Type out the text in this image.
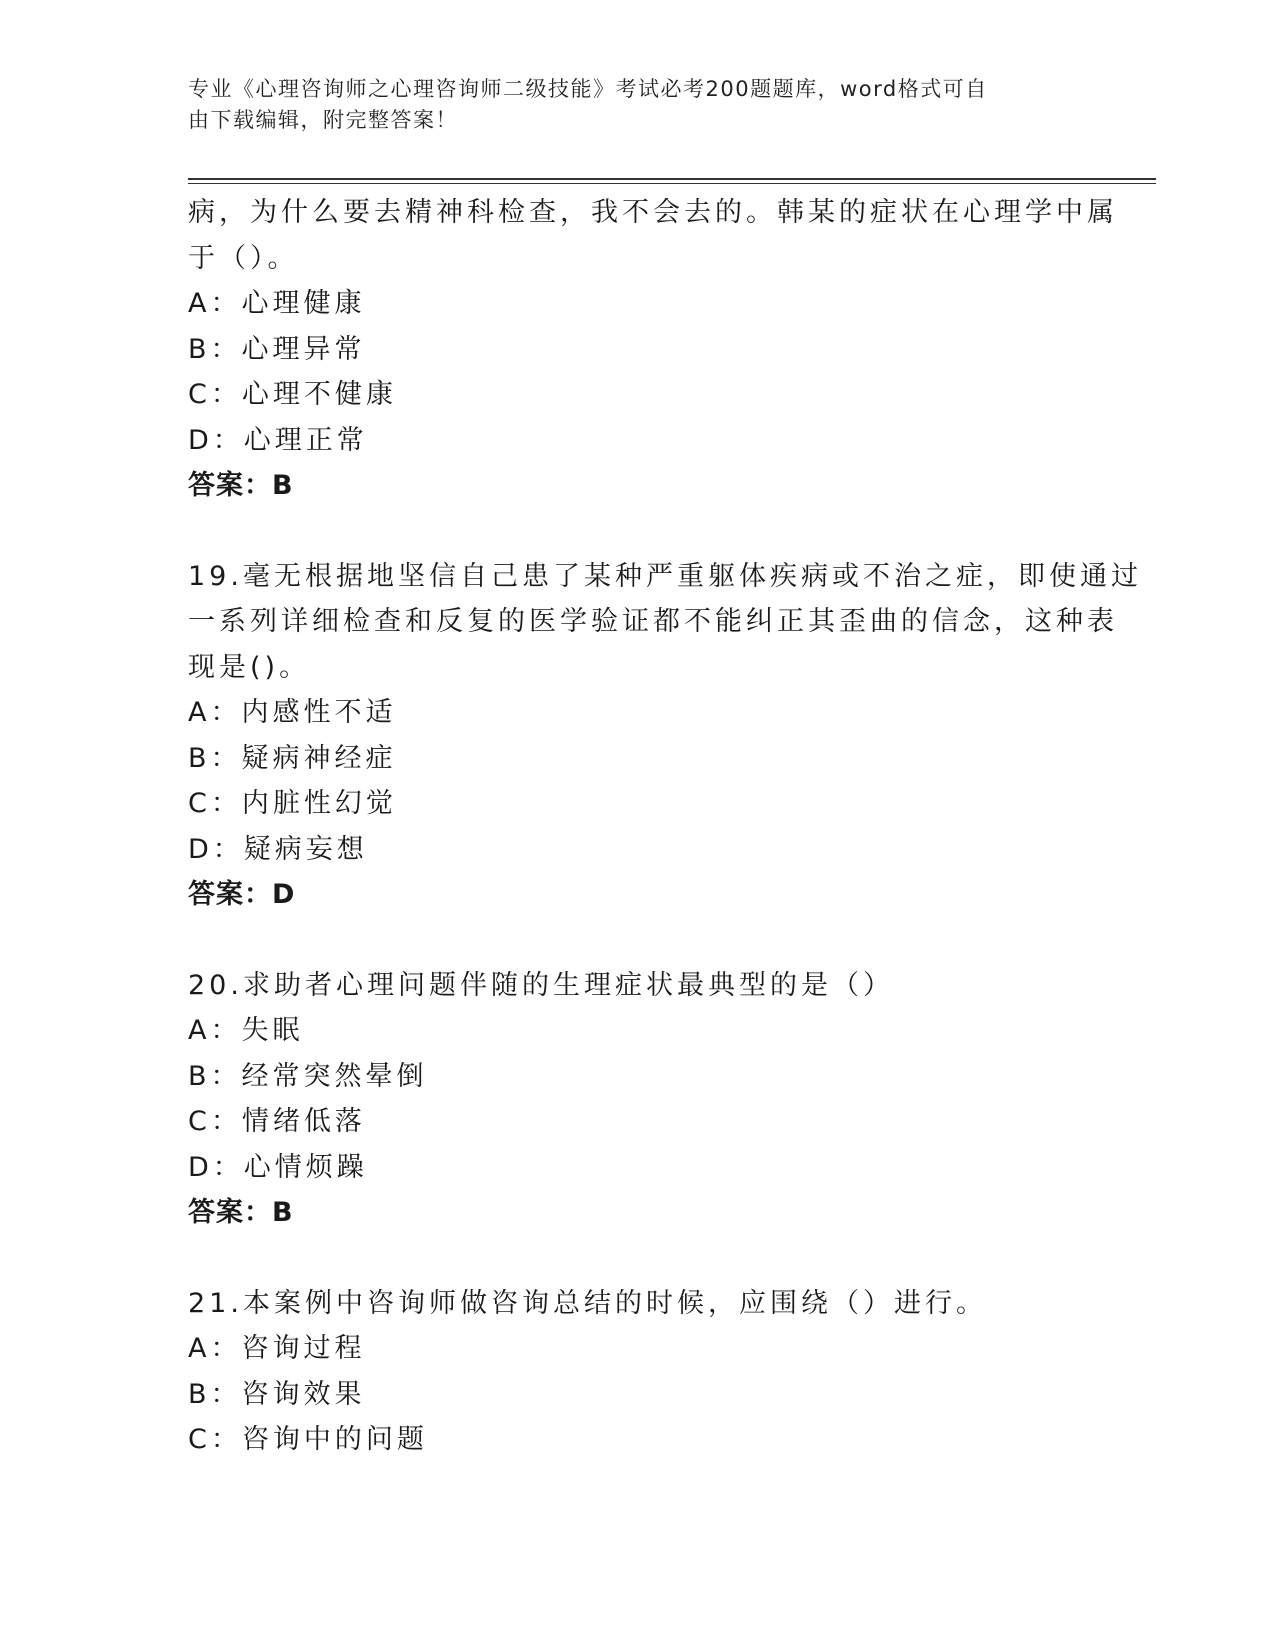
专业《心理咨询师之心理咨询师二级技能》考试必考200题题库，word格式可自
由下载编辑，附完整答案！
病，为什么要去精神科检查，我不会去的。韩某的症状在心理学中属
于（）。
A：心理健康
B：心理异常
C：心理不健康
D：心理正常
答案：B
19.毫无根据地坚信自己患了某种严重躯体疾病或不治之症，即使通过
一系列详细检查和反复的医学验证都不能纠正其歪曲的信念，这种表
现是()。
A：内感性不适
B：疑病神经症
C：内脏性幻觉
D：疑病妄想
答案：D
20.求助者心理问题伴随的生理症状最典型的是（）
A：失眠
B：经常突然晕倒
C：情绪低落
D：心情烦躁
答案：B
21.本案例中咨询师做咨询总结的时候，应围绕（）进行。
A：咨询过程
B：咨询效果
C：咨询中的问题
